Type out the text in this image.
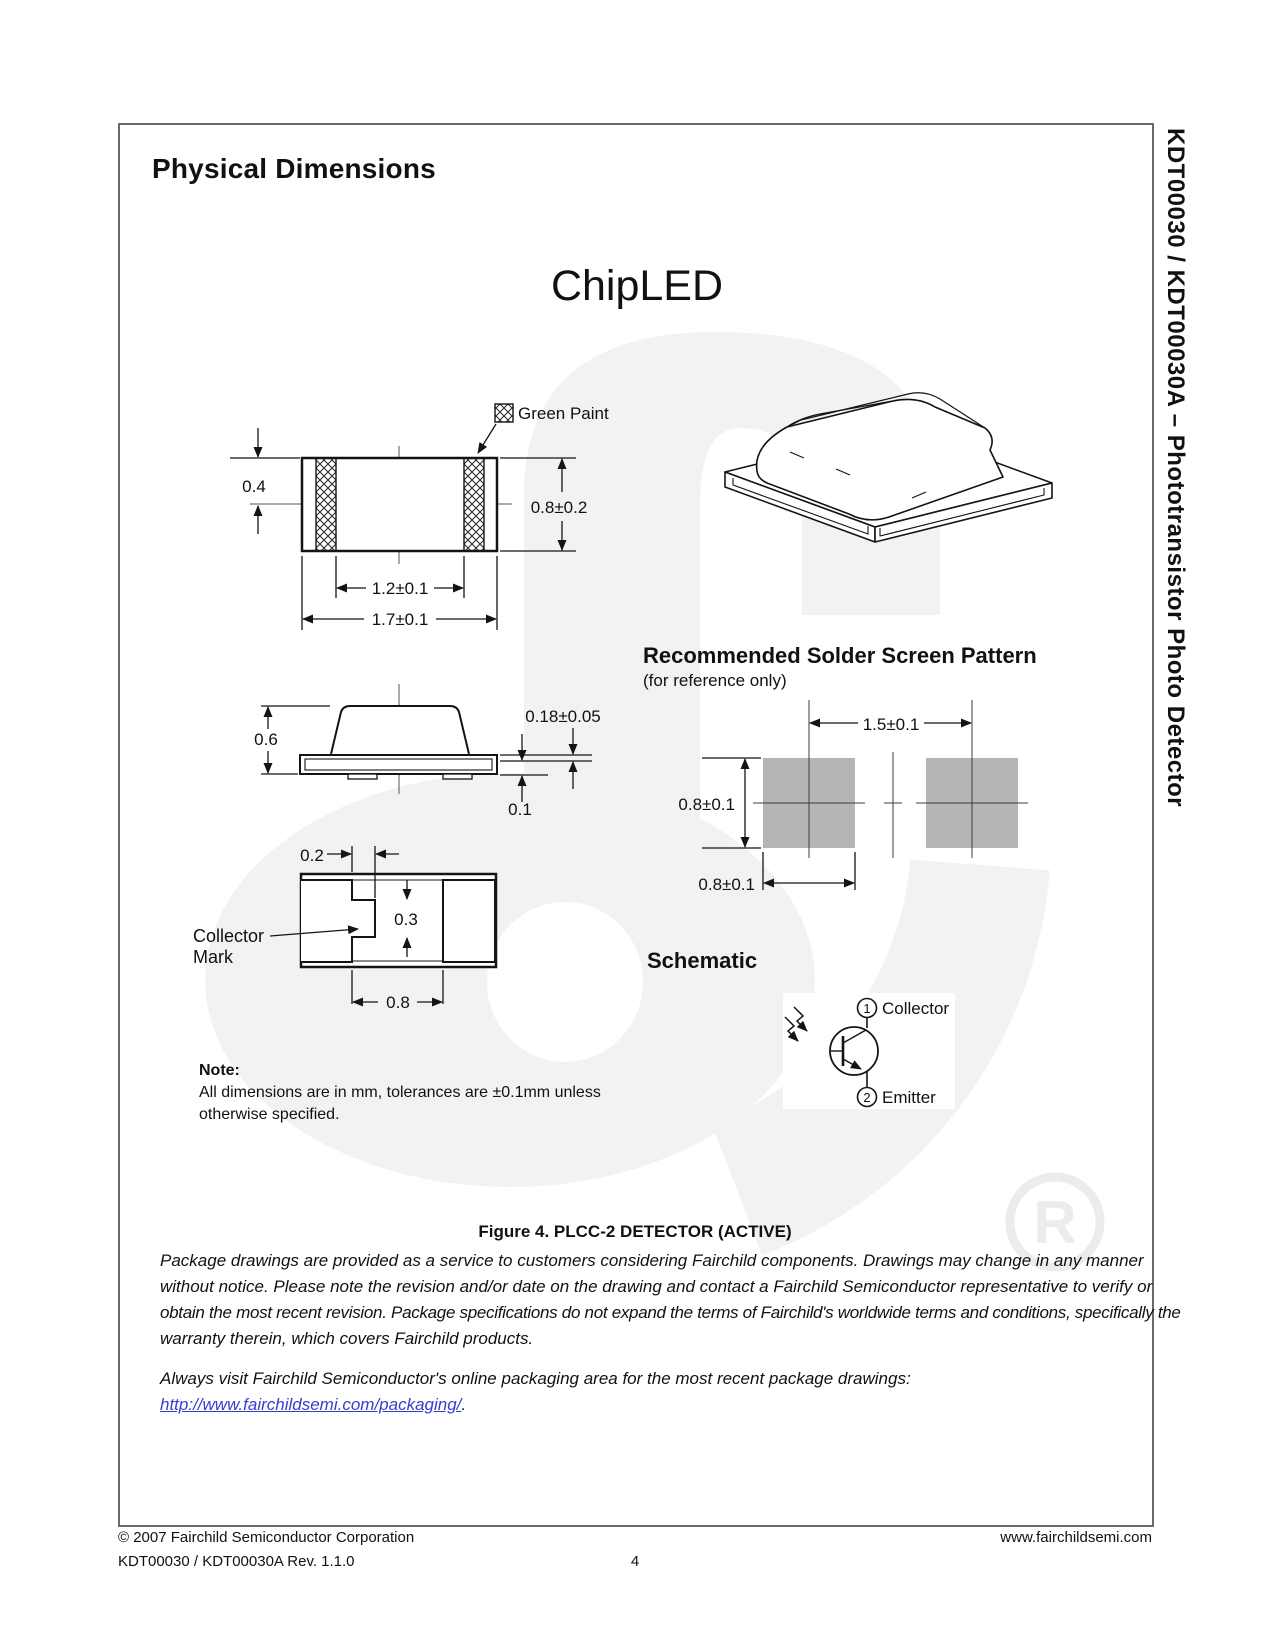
R
0.4
0.8±0.2
1.2±0.1
1.7±0.1
Green Paint
0.6
0.18±0.05
0.1
0.2
0.3
0.8
Collector
Mark
1.5±0.1
0.8±0.1
0.8±0.1
1 Collector
2 Emitter
Physical Dimensions
ChipLED
Recommended Solder Screen Pattern
(for reference only)
Schematic
Note:
All dimensions are in mm, tolerances are ±0.1mm unless
otherwise specified.
Figure 4. PLCC-2 DETECTOR (ACTIVE)
Package drawings are provided as a service to customers considering Fairchild components. Drawings may change in any manner
without notice. Please note the revision and/or date on the drawing and contact a Fairchild Semiconductor representative to verify or
obtain the most recent revision. Package specifications do not expand the terms of Fairchild's worldwide terms and conditions, specifically the
warranty therein, which covers Fairchild products.
Always visit Fairchild Semiconductor's online packaging area for the most recent package drawings:
http://www.fairchildsemi.com/packaging/.
© 2007 Fairchild Semiconductor Corporation	www.fairchildsemi.com
KDT00030 / KDT00030A Rev. 1.1.0	4
KDT00030 / KDT00030A – Phototransistor Photo Detector
